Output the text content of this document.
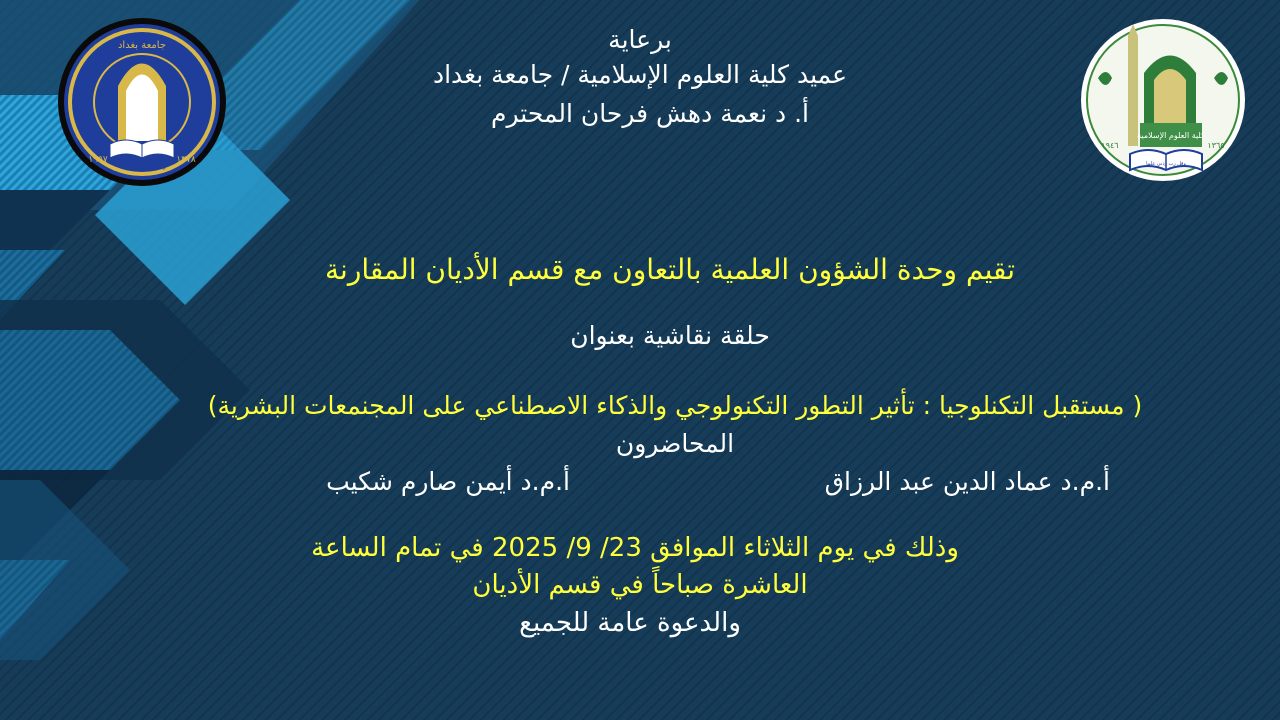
جامعة بغداد
١٩٥٧	١٣٧٨
وقل رب زدني علما
كلية العلوم الإسلامية
١٩٤٦	١٣٦٥
وقل رب زدني علما
برعاية
عميد كلية العلوم الإسلامية / جامعة بغداد
أ. د نعمة دهش فرحان المحترم
تقيم وحدة الشؤون العلمية بالتعاون مع قسم الأديان المقارنة
حلقة نقاشية بعنوان
( مستقبل التكنلوجيا : تأثير التطور التكنولوجي والذكاء الاصطناعي على المجنمعات البشرية)
المحاضرون
أ.م.د عماد الدين عبد الرزاق
أ.م.د أيمن صارم شكيب
وذلك في يوم الثلاثاء الموافق 23/ 9/ 2025 في تمام الساعة
العاشرة صباحاً في قسم الأديان
والدعوة عامة للجميع
